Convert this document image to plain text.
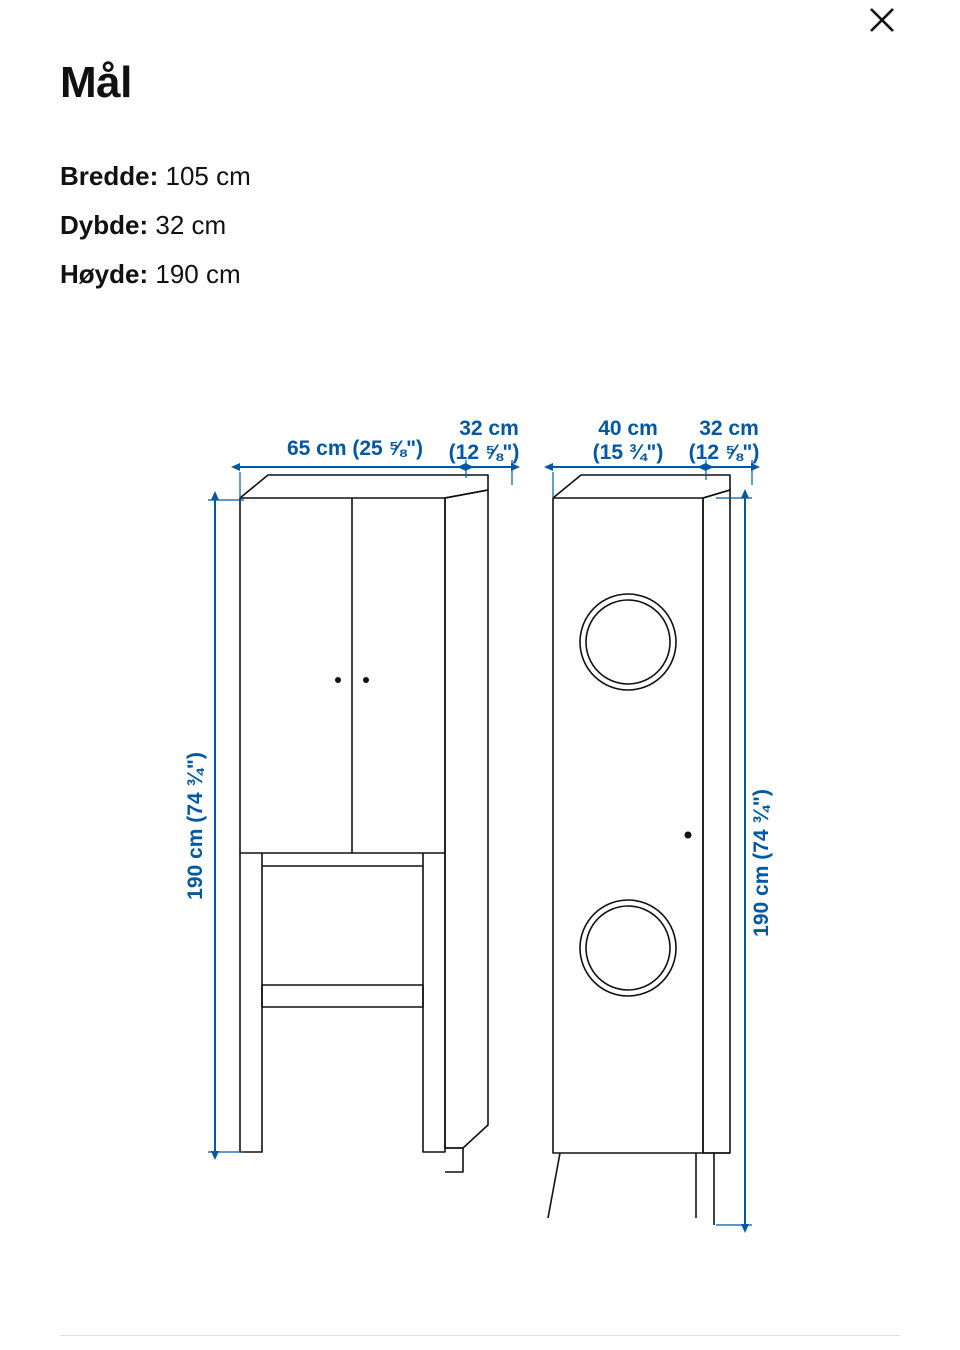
Mål
Bredde: 105 cm
Dybde: 32 cm
Høyde: 190 cm
65 cm (25 ⅝")
32 cm
(12 ⅝")
190 cm (74 ¾")
40 cm
(15 ¾")
32 cm
(12 ⅝")
190 cm (74 ¾")
